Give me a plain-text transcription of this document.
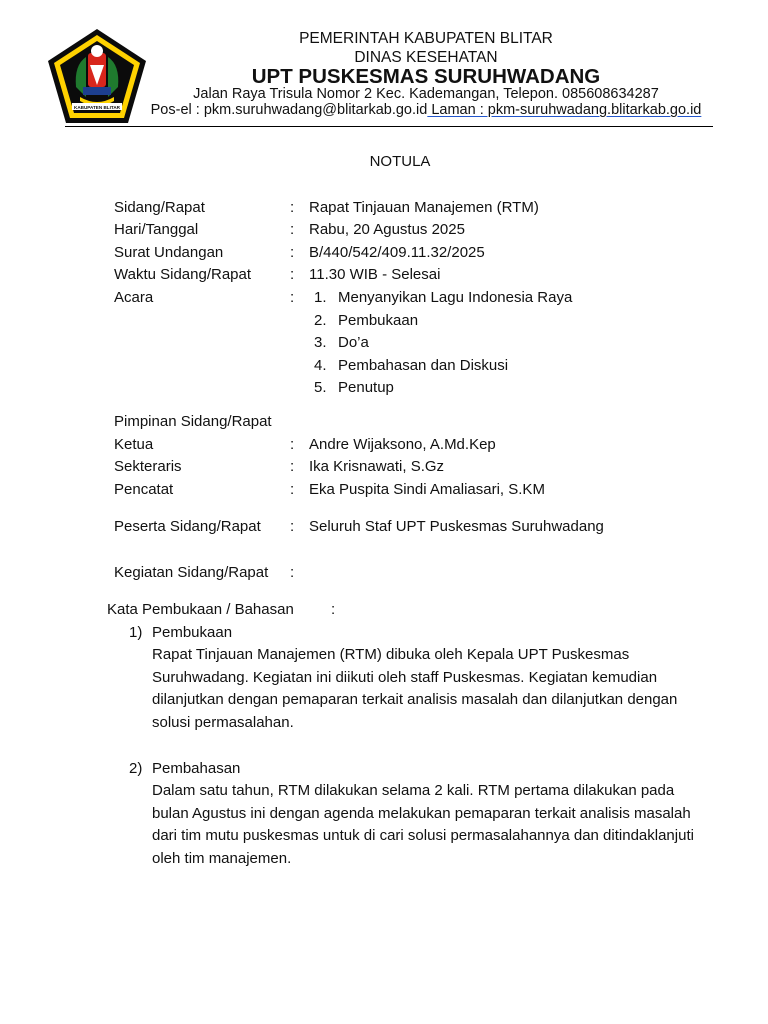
KABUPATEN BLITAR
PEMERINTAH KABUPATEN BLITAR
DINAS KESEHATAN
UPT PUSKESMAS SURUHWADANG
Jalan Raya Trisula Nomor 2 Kec. Kademangan, Telepon. 085608634287
Pos-el : pkm.suruhwadang@blitarkab.go.id Laman : pkm-suruhwadang.blitarkab.go.id
NOTULA
Sidang/Rapat	: Rapat Tinjauan Manajemen (RTM)
Hari/Tanggal	: Rabu, 20 Agustus 2025
Surat Undangan	: B/440/542/409.11.32/2025
Waktu Sidang/Rapat	: 11.30 WIB - Selesai
Acara	: 1. Menyanyikan Lagu Indonesia Raya
2. Pembukaan
3. Do’a
4. Pembahasan dan Diskusi
5. Penutup
Pimpinan Sidang/Rapat
Ketua	: Andre Wijaksono, A.Md.Kep
Sekteraris	: Ika Krisnawati, S.Gz
Pencatat	: Eka Puspita Sindi Amaliasari, S.KM
Peserta Sidang/Rapat : Seluruh Staf UPT Puskesmas Suruhwadang
Kegiatan Sidang/Rapat :
Kata Pembukaan / Bahasan :
1) Pembukaan
Rapat Tinjauan Manajemen (RTM) dibuka oleh Kepala UPT Puskesmas
Suruhwadang. Kegiatan ini diikuti oleh staff Puskesmas. Kegiatan kemudian
dilanjutkan dengan pemaparan terkait analisis masalah dan dilanjutkan dengan
solusi permasalahan.
2) Pembahasan
Dalam satu tahun, RTM dilakukan selama 2 kali. RTM pertama dilakukan pada
bulan Agustus ini dengan agenda melakukan pemaparan terkait analisis masalah
dari tim mutu puskesmas untuk di cari solusi permasalahannya dan ditindaklanjuti
oleh tim manajemen.
